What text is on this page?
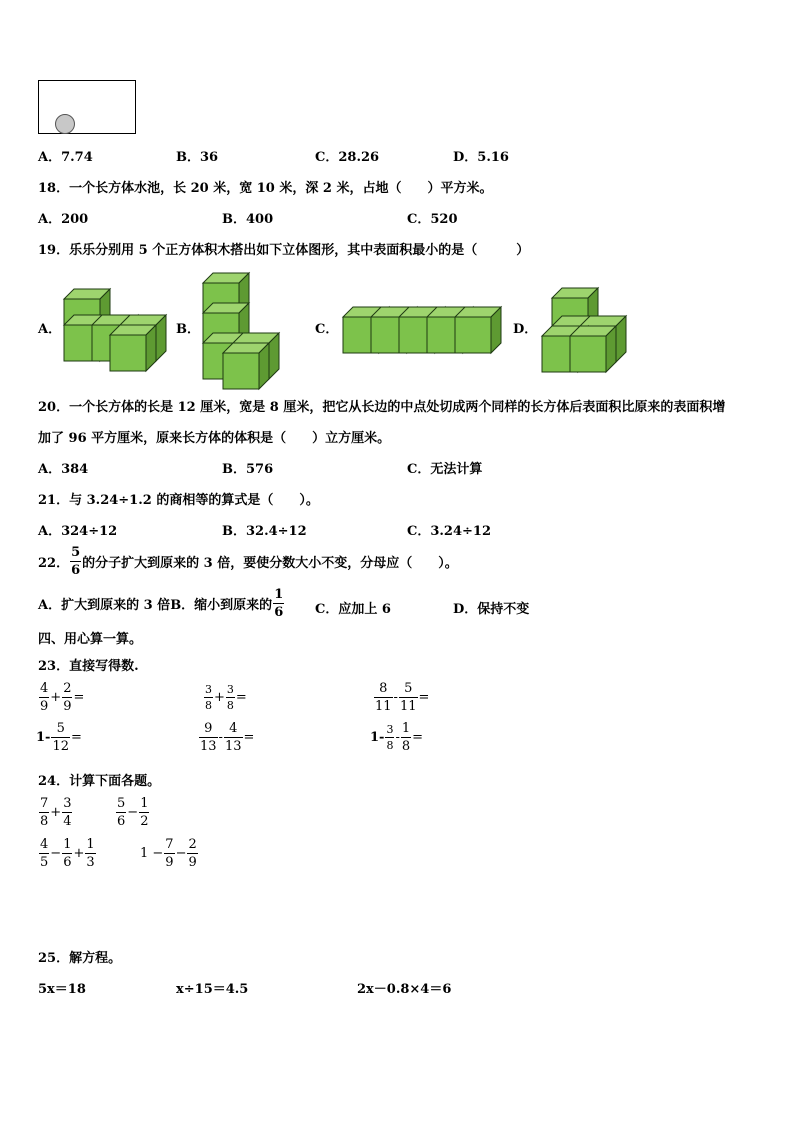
A．7.74	B．36	C．28.26	D．5.16
18．一个长方体水池，长 20 米，宽 10 米，深 2 米，占地（　　）平方米。
A．200	B．400	C．520
19．乐乐分别用 5 个正方体积木搭出如下立体图形，其中表面积最小的是（　　　）
A．	B．	C．	D．
20．一个长方体的长是 12 厘米，宽是 8 厘米，把它从长边的中点处切成两个同样的长方体后表面积比原来的表面积增
加了 96 平方厘米，原来长方体的体积是（　　）立方厘米。
A．384	B．576	C．无法计算
21．与 3.24÷1.2 的商相等的算式是（　　）。
A．324÷12	B．32.4÷12	C．3.24÷12
22． $\frac{5}{6}$ 的分子扩大到原来的 3 倍，要使分数大小不变，分母应（　　）。
A．扩大到原来的 3 倍 B．缩小到原来的 $\frac{1}{6}$ C．应加上 6	D．保持不变
四、用心算一算。
23．直接写得数.
$\frac{4}{9} + \frac{2}{9}$ =	$\frac{3}{8} + \frac{3}{8}$ =	$\frac{8}{11} - \frac{5}{11}$ =
$1- \frac{5}{12}$ =	$\frac{9}{13} - \frac{4}{13}$ =	$1- \frac{3}{8} - \frac{1}{8}$ =
24．计算下面各题。
$\frac{7}{8} + \frac{3}{4}$	$\frac{5}{6} - \frac{1}{2}$
$\frac{4}{5} - \frac{1}{6} + \frac{1}{3}$	$1 - \frac{7}{9} - \frac{2}{9}$
25．解方程。
5x＝18	x÷15＝4.5	2x－0.8×4＝6
